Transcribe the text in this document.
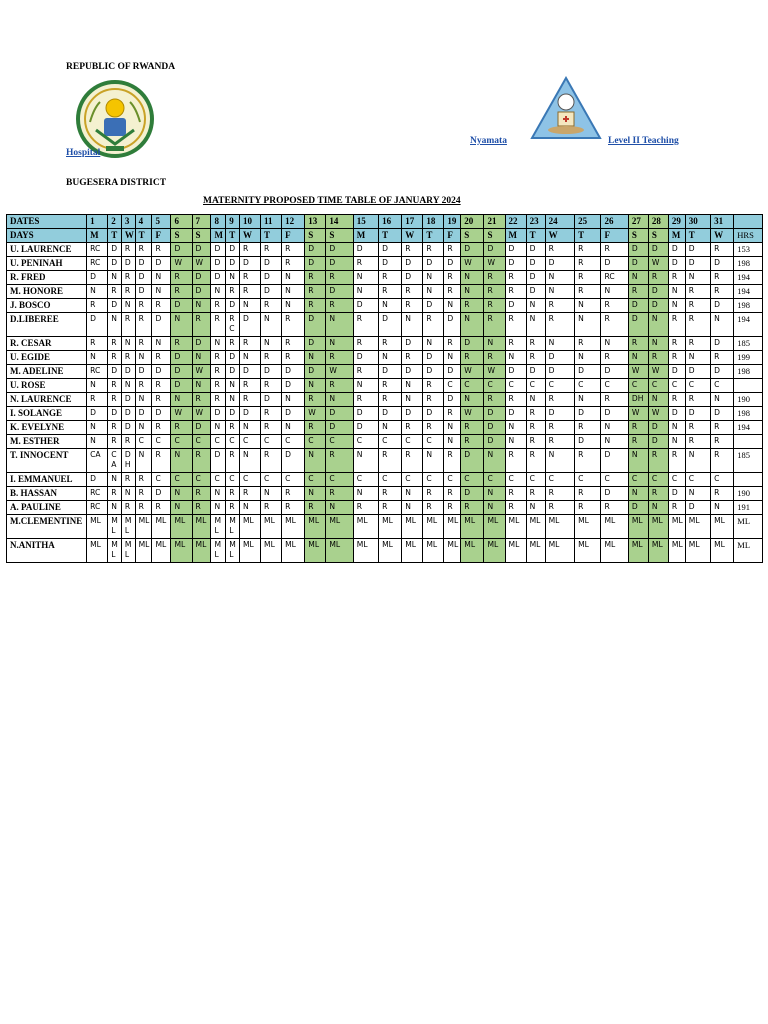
REPUBLIC OF RWANDA
Hospital
Nyamata	Level II Teaching
BUGESERA DISTRICT
MATERNITY PROPOSED TIME TABLE OF JANUARY 2024
DATES	1	2	3	4	5	6	7	8	9	10	11	12	13	14	15	16	17	18	19	20	21	22	23	24	25	26	27	28	29	30	31	
DAYS	M	T	W	T	F	S	S	M	T	W	T	F	S	S	M	T	W	T	F	S	S	M	T	W	T	F	S	S	M	T	W	HRS
U. LAURENCE	RC	D	R	R	R	D	D	D	D	R	R	R	D	D	D	D	R	R	R	D	D	D	D	R	R	R	D	D	D	D	R	153
U. PENINAH	RC	D	D	D	D	W	W	D	D	D	D	R	D	D	R	D	D	D	D	W	W	D	D	D	R	D	D	W	D	D	D	198
R. FRED	D	N	R	D	N	R	D	D	N	R	D	N	R	R	N	R	D	N	R	N	R	R	D	N	R	RC	N	R	R	N	R	194
M. HONORE	N	R	R	D	N	R	D	N	R	R	D	N	R	D	N	R	R	N	R	N	R	R	D	N	R	N	R	D	N	R	R	194
J. BOSCO	R	D	N	R	R	D	N	R	D	N	R	N	R	R	D	N	R	D	N	R	R	D	N	R	N	R	D	D	N	R	D	198
D.LIBEREE	D	N	R	R	D	N	R	R	RC	D	N	R	D	N	R	D	N	R	D	N	R	R	N	R	N	R	D	N	R	R	N	194
R. CESAR	R	R	N	R	N	R	D	N	R	R	N	R	D	N	R	R	D	N	R	D	N	R	R	N	R	N	R	N	R	R	D	185
U. EGIDE	N	R	R	N	R	D	N	R	D	N	R	R	N	R	D	N	R	D	N	R	R	N	R	D	N	R	N	R	R	N	R	199
M. ADELINE	RC	D	D	D	D	D	W	R	D	D	D	D	D	W	R	D	D	D	D	W	W	D	D	D	D	D	W	W	D	D	D	198
U. ROSE	N	R	N	R	R	D	N	R	N	R	R	D	N	R	N	R	N	R	C	C	C	C	C	C	C	C	C	C	C	C	C	
N. LAURENCE	R	R	D	N	R	N	R	R	N	R	D	N	R	N	R	R	N	R	D	N	R	R	N	R	N	R	DH	N	R	R	N	190
I. SOLANGE	D	D	D	D	D	W	W	D	D	D	R	D	W	D	D	D	D	D	R	W	D	D	R	D	D	D	W	W	D	D	D	198
K. EVELYNE	N	R	D	N	R	R	D	N	R	N	R	N	R	D	D	N	R	R	N	R	D	N	R	R	R	N	R	D	N	R	R	194
M. ESTHER	N	R	R	C	C	C	C	C	C	C	C	C	C	C	C	C	C	C	N	R	D	N	R	R	D	N	R	D	N	R	R	
T. INNOCENT	CA	CA	DH	N	R	N	R	D	R	N	R	D	N	R	N	R	R	N	R	D	N	R	R	N	R	D	N	R	R	N	R	185
I. EMMANUEL	D	N	R	R	C	C	C	C	C	C	C	C	C	C	C	C	C	C	C	C	C	C	C	C	C	C	C	C	C	C	C	
B. HASSAN	RC	R	N	R	D	N	R	N	R	R	N	R	N	R	N	R	N	R	R	D	N	R	R	R	R	D	N	R	D	N	R	190
A. PAULINE	RC	N	R	R	R	N	R	N	R	N	R	R	R	N	R	R	N	R	R	R	N	R	N	R	R	R	D	N	R	D	N	191
M.CLEMENTINE	ML	ML	ML	ML	ML	ML	ML	ML	ML	ML	ML	ML	ML	ML	ML	ML	ML	ML	ML	ML	ML	ML	ML	ML	ML	ML	ML	ML	ML	ML	ML	ML
N.ANITHA	ML	ML	ML	ML	ML	ML	ML	ML	ML	ML	ML	ML	ML	ML	ML	ML	ML	ML	ML	ML	ML	ML	ML	ML	ML	ML	ML	ML	ML	ML	ML	ML
